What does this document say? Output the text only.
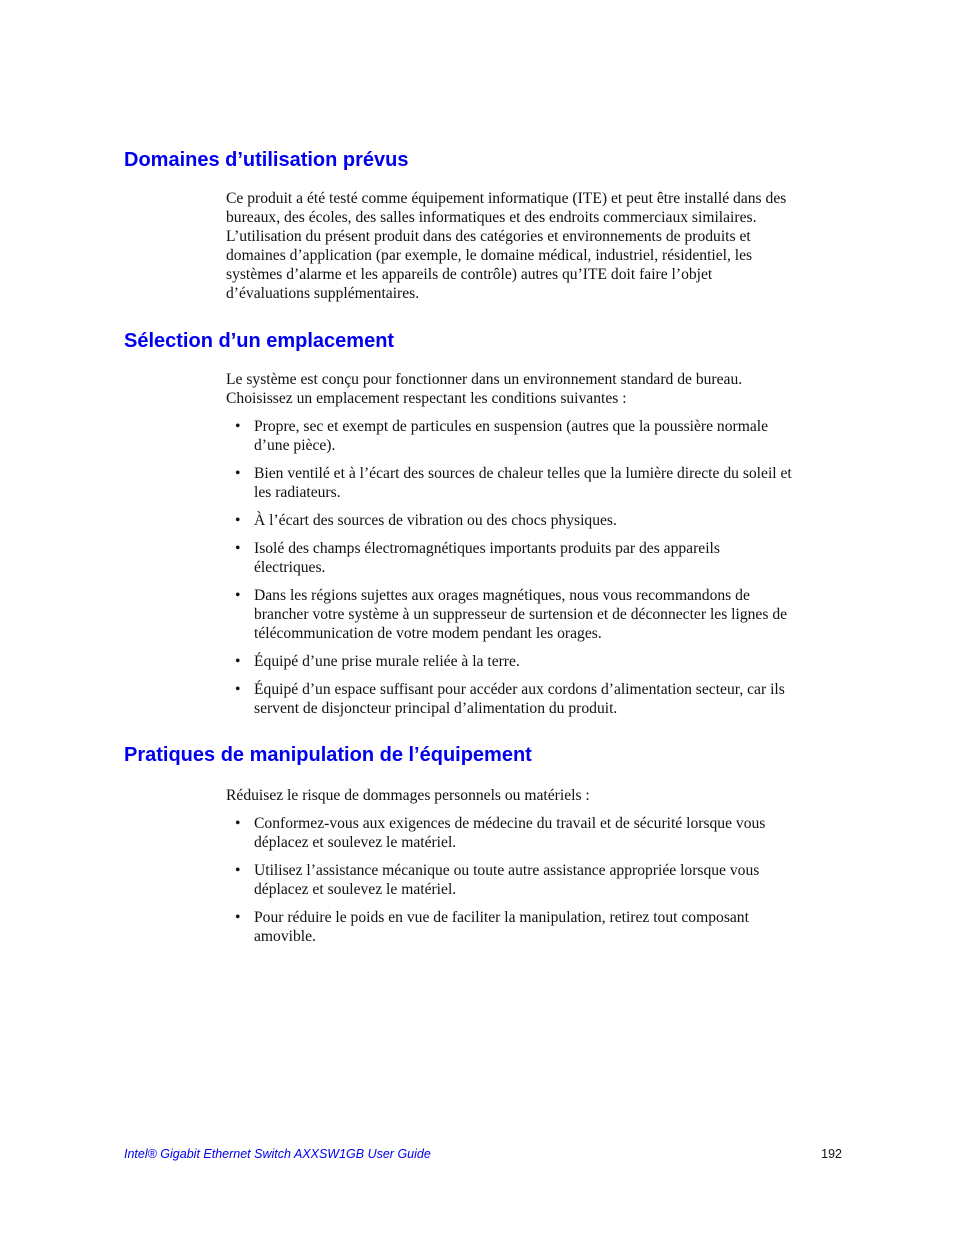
Domaines d’utilisation prévus

Ce produit a été testé comme équipement informatique (ITE) et peut être installé dans des
bureaux, des écoles, des salles informatiques et des endroits commerciaux similaires.
L’utilisation du présent produit dans des catégories et environnements de produits et
domaines d’application (par exemple, le domaine médical, industriel, résidentiel, les
systèmes d’alarme et les appareils de contrôle) autres qu’ITE doit faire l’objet
d’évaluations supplémentaires.

Sélection d’un emplacement

Le système est conçu pour fonctionner dans un environnement standard de bureau.
Choisissez un emplacement respectant les conditions suivantes :

• Propre, sec et exempt de particules en suspension (autres que la poussière normale
d’une pièce).
• Bien ventilé et à l’écart des sources de chaleur telles que la lumière directe du soleil et
les radiateurs.
• À l’écart des sources de vibration ou des chocs physiques.
• Isolé des champs électromagnétiques importants produits par des appareils
électriques.
• Dans les régions sujettes aux orages magnétiques, nous vous recommandons de
brancher votre système à un suppresseur de surtension et de déconnecter les lignes de
télécommunication de votre modem pendant les orages.
• Équipé d’une prise murale reliée à la terre.
• Équipé d’un espace suffisant pour accéder aux cordons d’alimentation secteur, car ils
servent de disjoncteur principal d’alimentation du produit.
Pratiques de manipulation de l’équipement

Réduisez le risque de dommages personnels ou matériels :

• Conformez-vous aux exigences de médecine du travail et de sécurité lorsque vous
déplacez et soulevez le matériel.
• Utilisez l’assistance mécanique ou toute autre assistance appropriée lorsque vous
déplacez et soulevez le matériel.
• Pour réduire le poids en vue de faciliter la manipulation, retirez tout composant
amovible.
Intel® Gigabit Ethernet Switch AXXSW1GB User Guide	192
